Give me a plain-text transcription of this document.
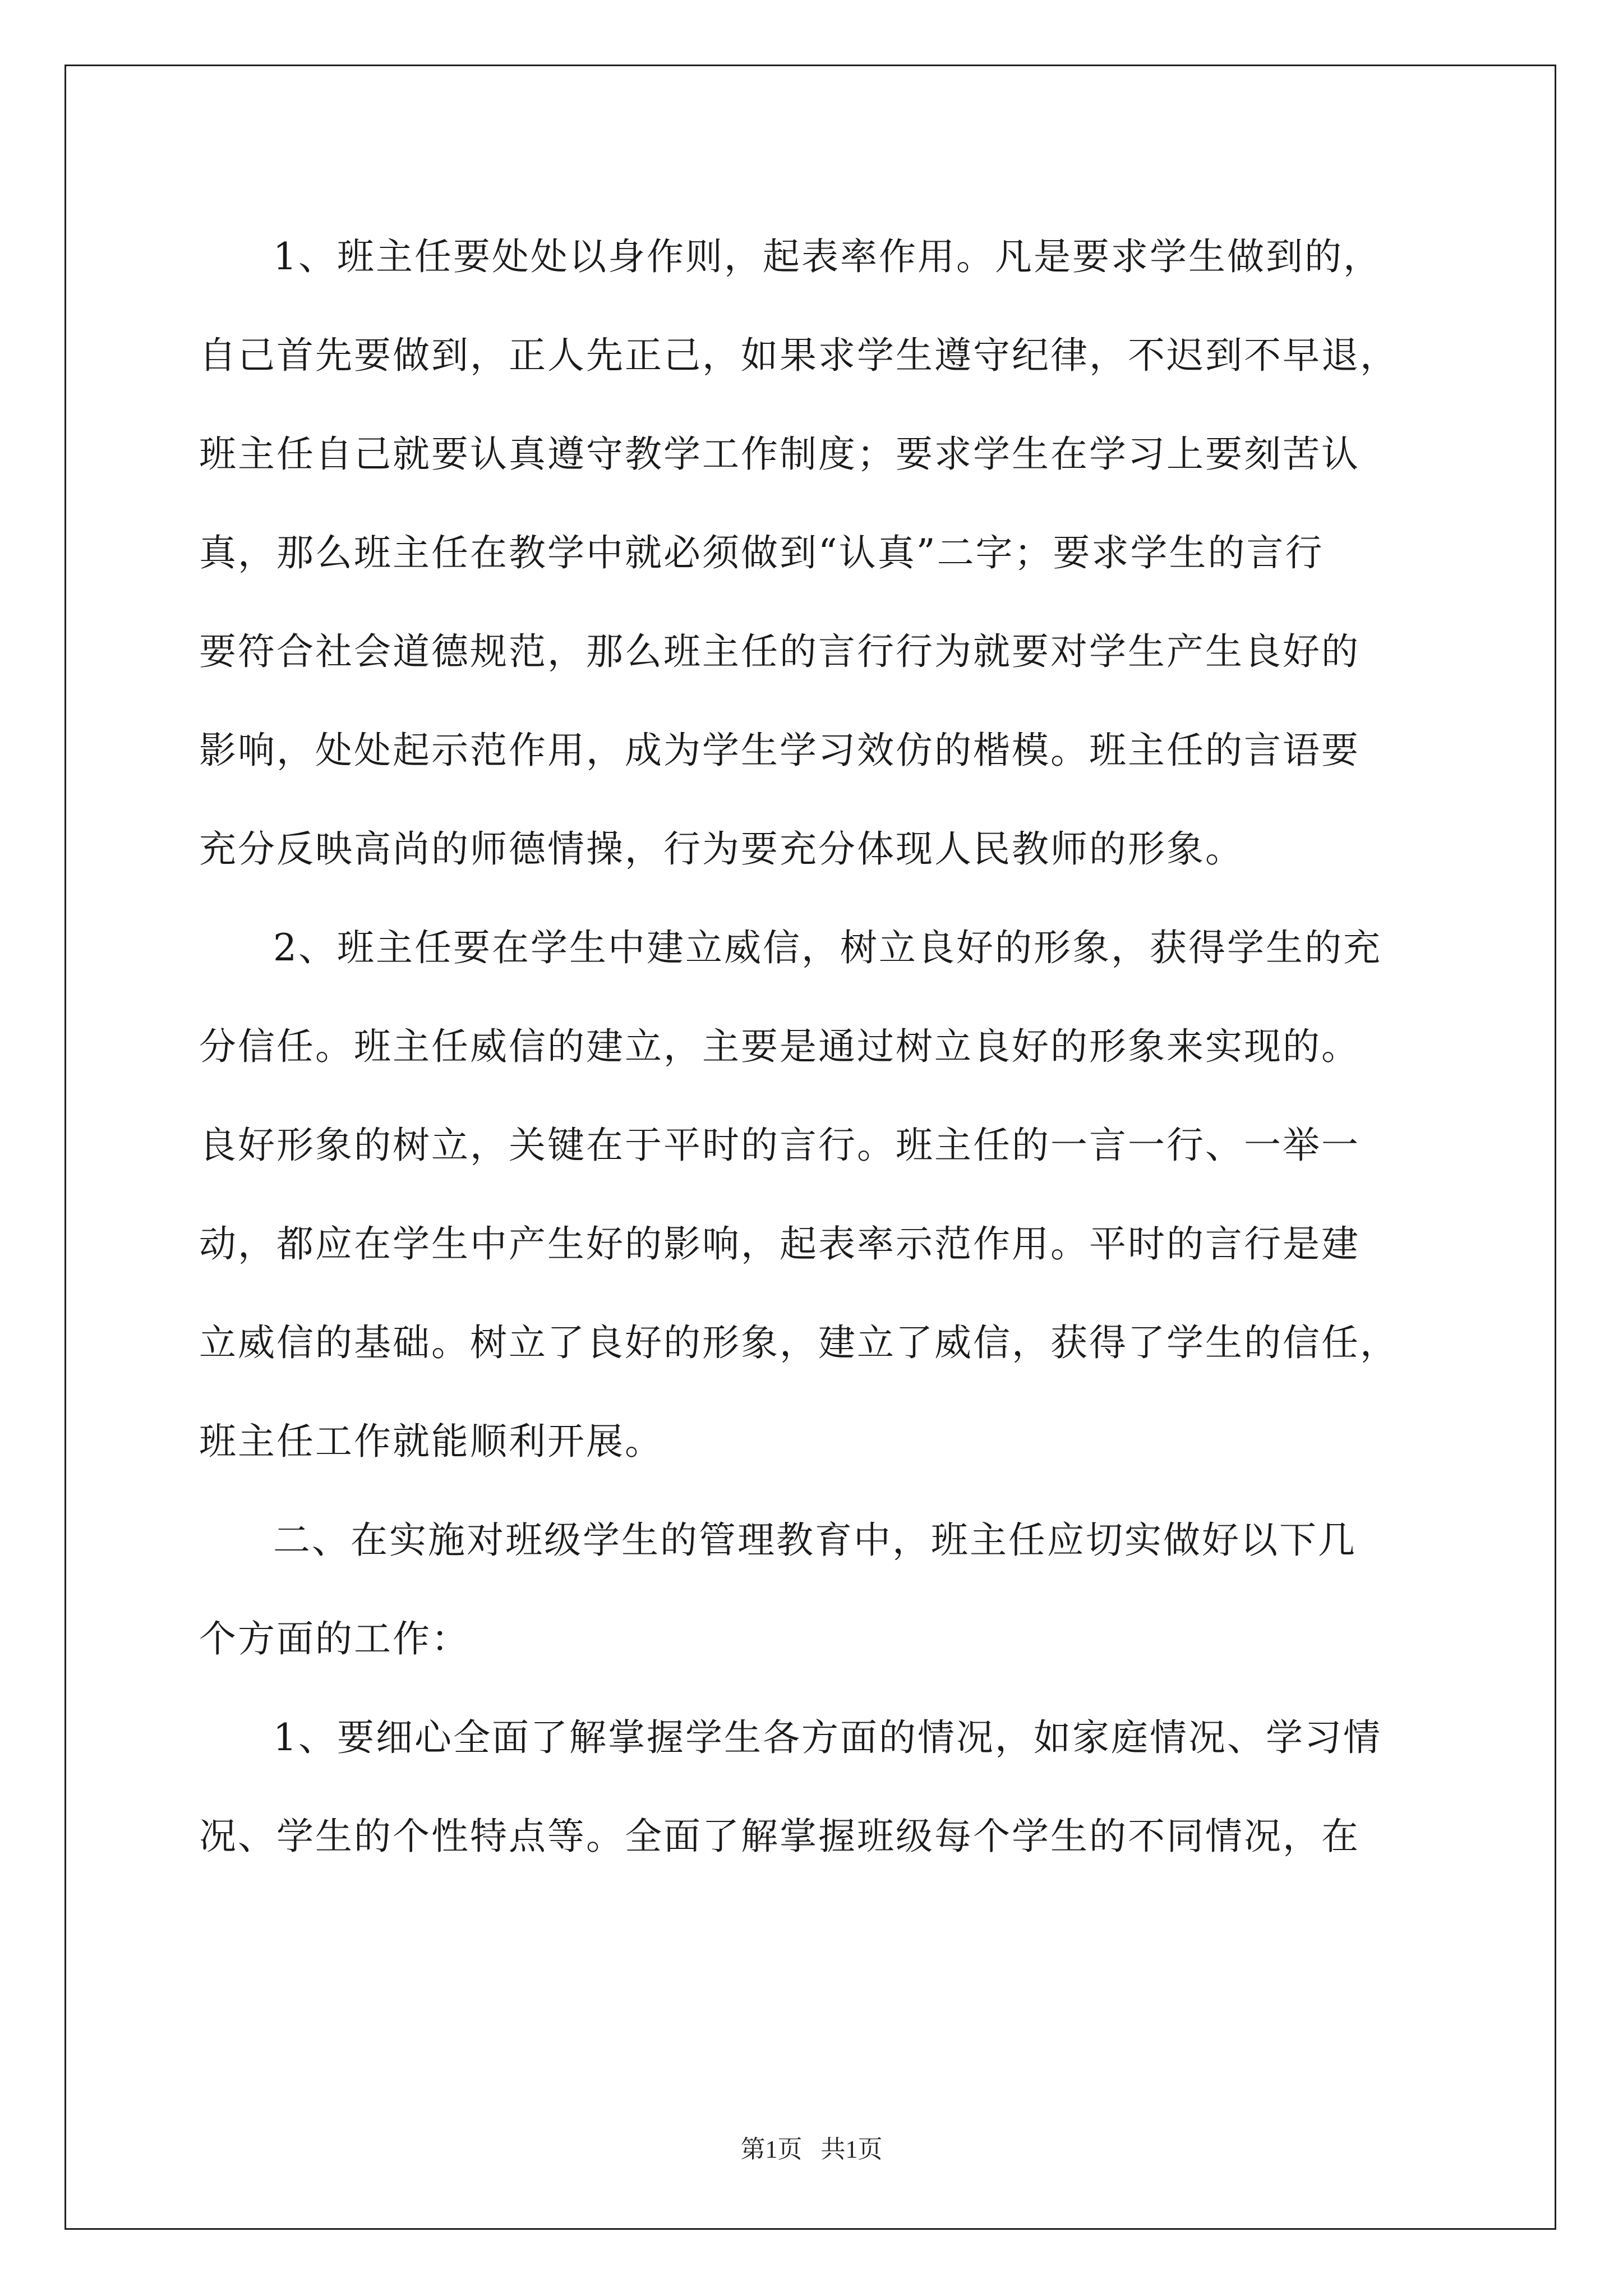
1、班主任要处处以身作则，起表率作用。凡是要求学生做到的，
自己首先要做到，正人先正己，如果求学生遵守纪律，不迟到不早退，
班主任自己就要认真遵守教学工作制度；要求学生在学习上要刻苦认
真，那么班主任在教学中就必须做到“认真”二字；要求学生的言行
要符合社会道德规范，那么班主任的言行行为就要对学生产生良好的
影响，处处起示范作用，成为学生学习效仿的楷模。班主任的言语要
充分反映高尚的师德情操，行为要充分体现人民教师的形象。
2、班主任要在学生中建立威信，树立良好的形象，获得学生的充
分信任。班主任威信的建立，主要是通过树立良好的形象来实现的。
良好形象的树立，关键在于平时的言行。班主任的一言一行、一举一
动，都应在学生中产生好的影响，起表率示范作用。平时的言行是建
立威信的基础。树立了良好的形象，建立了威信，获得了学生的信任，
班主任工作就能顺利开展。
二、在实施对班级学生的管理教育中，班主任应切实做好以下几
个方面的工作：
1、要细心全面了解掌握学生各方面的情况，如家庭情况、学习情
况、学生的个性特点等。全面了解掌握班级每个学生的不同情况，在
第1页   共1页
